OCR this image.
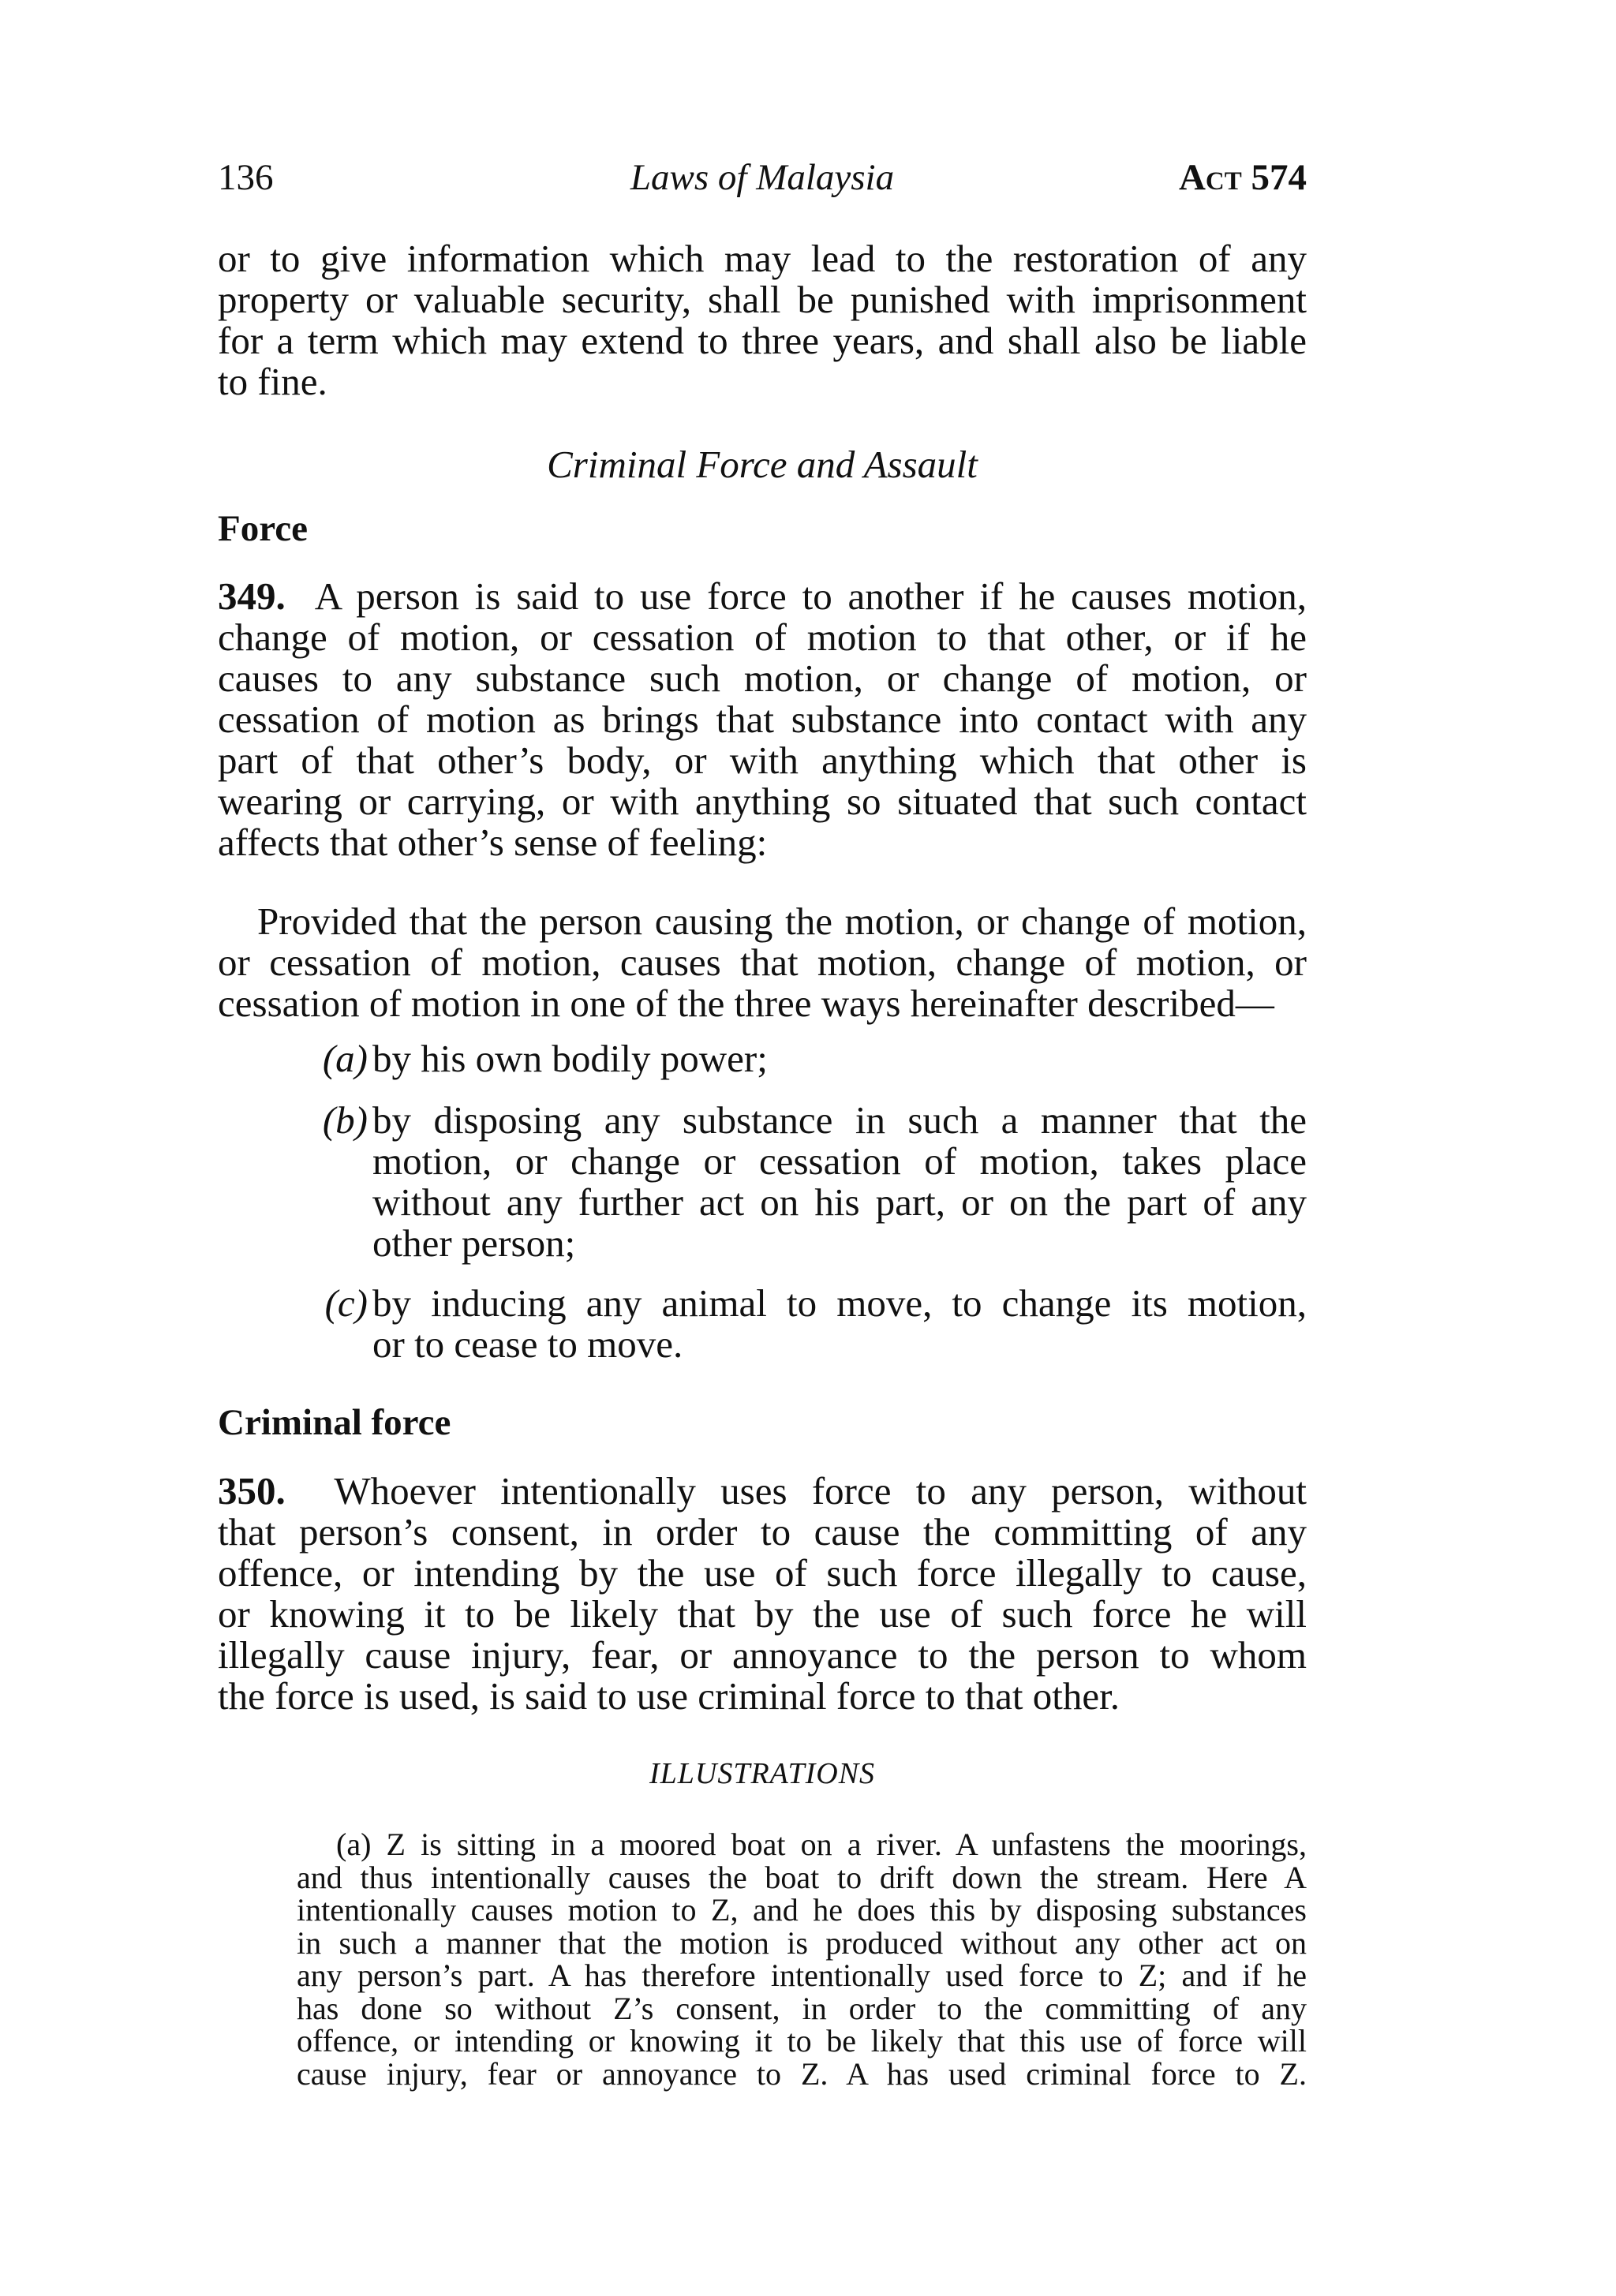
136	Laws of Malaysia	Act 574
or to give information which may lead to the restoration of any
property or valuable security, shall be punished with imprisonment
for a term which may extend to three years, and shall also be liable
to fine.
Criminal Force and Assault
Force
349. A person is said to use force to another if he causes motion,
change of motion, or cessation of motion to that other, or if he
causes to any substance such motion, or change of motion, or
cessation of motion as brings that substance into contact with any
part of that other’s body, or with anything which that other is
wearing or carrying, or with anything so situated that such contact
affects that other’s sense of feeling:
Provided that the person causing the motion, or change of motion,
or cessation of motion, causes that motion, change of motion, or
cessation of motion in one of the three ways hereinafter described—
(a) by his own bodily power;
(b) by disposing any substance in such a manner that the
motion, or change or cessation of motion, takes place
without any further act on his part, or on the part of any
other person;
(c) by inducing any animal to move, to change its motion,
or to cease to move.
Criminal force
350. Whoever intentionally uses force to any person, without
that person’s consent, in order to cause the committing of any
offence, or intending by the use of such force illegally to cause,
or knowing it to be likely that by the use of such force he will
illegally cause injury, fear, or annoyance to the person to whom
the force is used, is said to use criminal force to that other.
ILLUSTRATIONS
(a) Z is sitting in a moored boat on a river. A unfastens the moorings,
and thus intentionally causes the boat to drift down the stream. Here A
intentionally causes motion to Z, and he does this by disposing substances
in such a manner that the motion is produced without any other act on
any person’s part. A has therefore intentionally used force to Z; and if he
has done so without Z’s consent, in order to the committing of any
offence, or intending or knowing it to be likely that this use of force will
cause injury, fear or annoyance to Z. A has used criminal force to Z.
